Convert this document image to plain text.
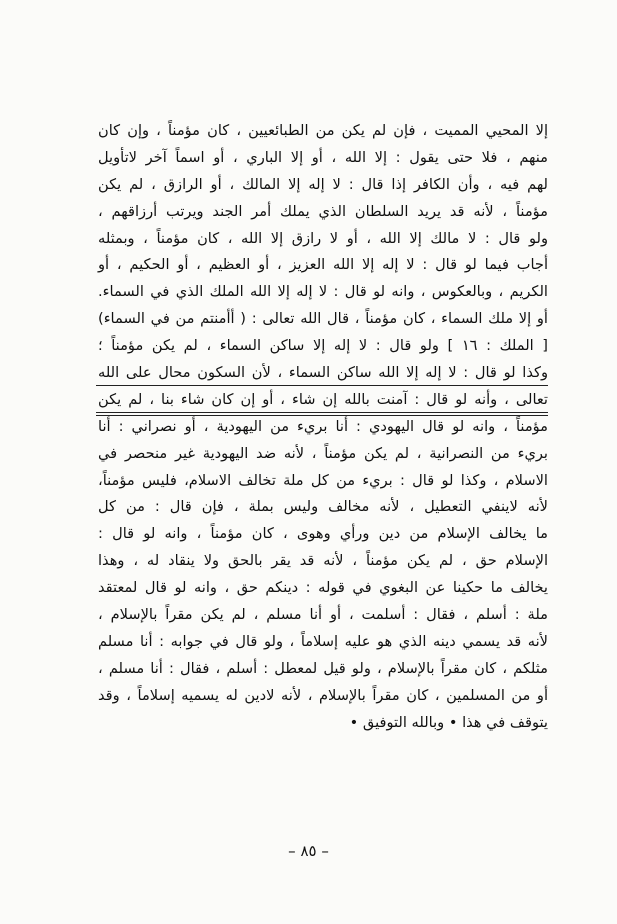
إلا المحيي المميت ، فإن لم يكن من الطبائعيين ، كان مؤمناً ، وإن كان
منهم ، فلا حتى يقول : إلا الله ، أو إلا الباري ، أو اسماً آخر لاتأويل
لهم فيه ، وأن الكافر إذا قال : لا إله إلا المالك ، أو الرازق ، لم يكن
مؤمناً ، لأنه قد يريد السلطان الذي يملك أمر الجند ويرتب أرزاقهم ،
ولو قال : لا مالك إلا الله ، أو لا رازق إلا الله ، كان مؤمناً ، وبمثله
أجاب فيما لو قال : لا إله إلا الله العزيز ، أو العظيم ، أو الحكيم ، أو
الكريم ، وبالعكوس ، وانه لو قال : لا إله إلا الله الملك الذي في السماء.
أو إلا ملك السماء ، كان مؤمناً ، قال الله تعالى : ( أأمنتم من في السماء)
[ الملك : ١٦ ] ولو قال : لا إله إلا ساكن السماء ، لم يكن مؤمناً ؛
وكذا لو قال : لا إله إلا الله ساكن السماء ، لأن السكون محال على الله
تعالى ، وأنه لو قال : آمنت بالله إن شاء ، أو إن كان شاء بنا ، لم يكن
مؤمناً ، وانه لو قال اليهودي : أنا بريء من اليهودية ، أو نصراني : أنا
بريء من النصرانية ، لم يكن مؤمناً ، لأنه ضد اليهودية غير منحصر في
الاسلام ، وكذا لو قال : بريء من كل ملة تخالف الاسلام، فليس مؤمناً،
لأنه لاينفي التعطيل ، لأنه مخالف وليس بملة ، فإن قال : من كل
ما يخالف الإسلام من دين ورأي وهوى ، كان مؤمناً ، وانه لو قال :
الإسلام حق ، لم يكن مؤمناً ، لأنه قد يقر بالحق ولا ينقاد له ، وهذا
يخالف ما حكينا عن البغوي في قوله : دينكم حق ، وانه لو قال لمعتقد
ملة : أسلم ، فقال : أسلمت ، أو أنا مسلم ، لم يكن مقراً بالإسلام ،
لأنه قد يسمي دينه الذي هو عليه إسلاماً ، ولو قال في جوابه : أنا مسلم
مثلكم ، كان مقراً بالإسلام ، ولو قيل لمعطل : أسلم ، فقال : أنا مسلم ،
أو من المسلمين ، كان مقراً بالإسلام ، لأنه لادين له يسميه إسلاماً ، وقد
يتوقف في هذا • وبالله التوفيق •
– ٨٥ –
